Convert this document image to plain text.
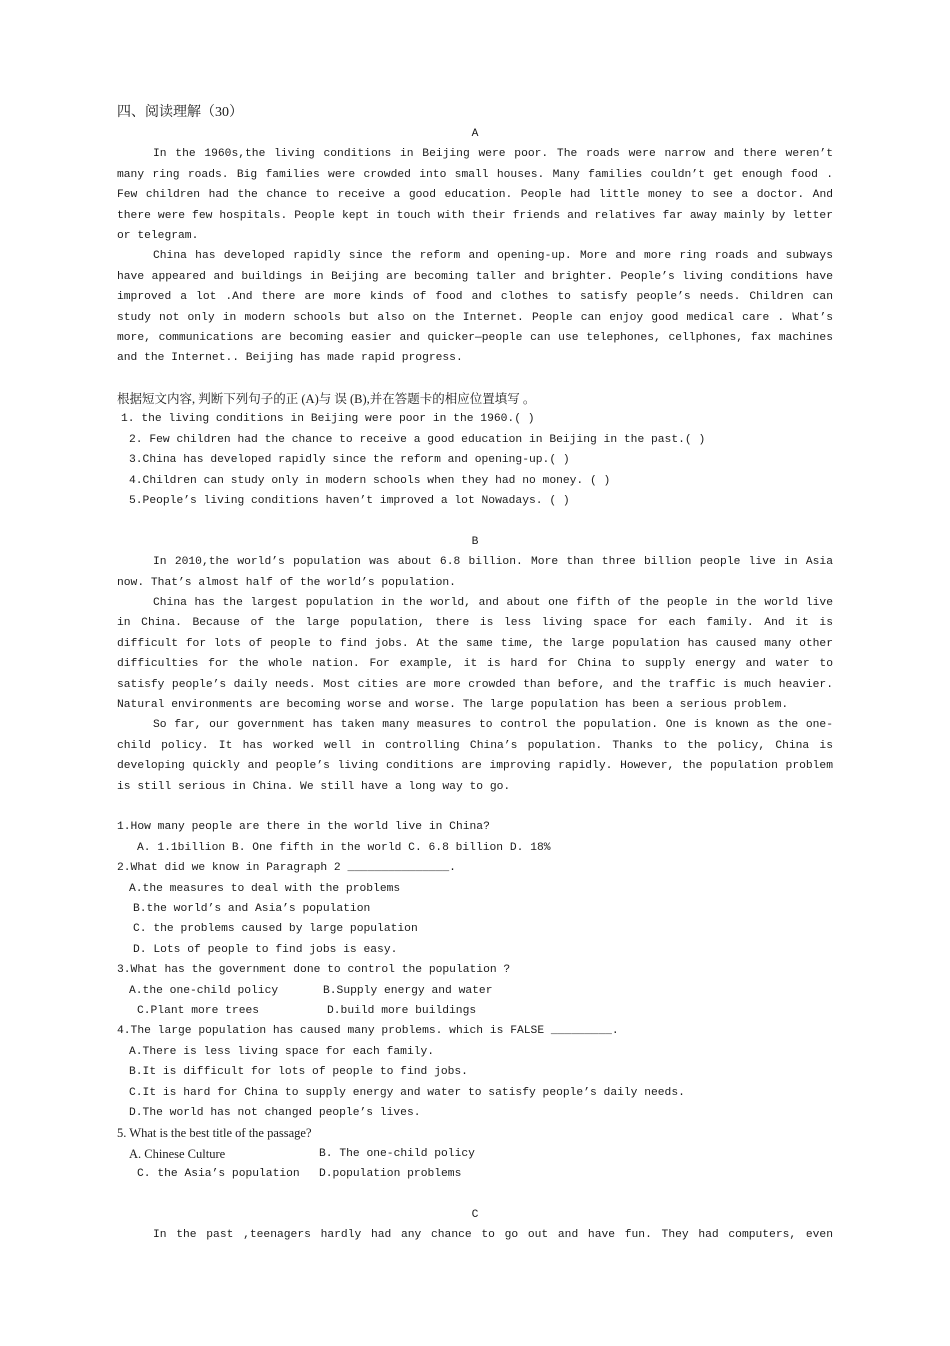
四、阅读理解（30）
A

In the 1960s,the living conditions in Beijing were poor. The roads were narrow and there weren’t many ring roads. Big families were crowded into small houses. Many families couldn’t get enough food . Few children had the chance to receive a good education. People had little money to see a doctor. And there were few hospitals. People kept in touch with their friends and relatives far away mainly by letter or telegram.

China has developed rapidly since the reform and opening-up. More and more ring roads and subways have appeared and buildings in Beijing are becoming taller and brighter. People’s living conditions have improved a lot .And there are more kinds of food and clothes to satisfy people’s needs. Children can study not only in modern schools but also on the Internet. People can enjoy good medical care . What’s more, communications are becoming easier and quicker—people can use telephones, cellphones, fax machines and the Internet.. Beijing has made rapid progress.

根据短文内容, 判断下列句子的正 (A)与 误 (B),并在答题卡的相应位置填写 。
1. the living conditions in Beijing were poor in the 1960.( )
2. Few children had the chance to receive a good education in Beijing in the past.( )
3.China has developed rapidly since the reform and opening-up.( )
4.Children can study only in modern schools when they had no money. ( )
5.People’s living conditions haven’t improved a lot Nowadays. ( )
B

In 2010,the world’s population was about 6.8 billion. More than three billion people live in Asia now. That’s almost half of the world’s population.

China has the largest population in the world, and about one fifth of the people in the world live in China. Because of the large population, there is less living space for each family. And it is difficult for lots of people to find jobs. At the same time, the large population has caused many other difficulties for the whole nation. For example, it is hard for China to supply energy and water to satisfy people’s daily needs. Most cities are more crowded than before, and the traffic is much heavier. Natural environments are becoming worse and worse. The large population has been a serious problem.

So far, our government has taken many measures to control the population. One is known as the one-child policy. It has worked well in controlling China’s population. Thanks to the policy, China is developing quickly and people’s living conditions are improving rapidly. However, the population problem is still serious in China. We still have a long way to go.

1.How many people are there in the world live in China?
A. 1.1billion B. One fifth in the world C. 6.8 billion D. 18%
2.What did we know in Paragraph 2 _______________.
A.the measures to deal with the problems
B.the world’s and Asia’s population
C. the problems caused by large population
D. Lots of people to find jobs is easy.
3.What has the government done to control the population ?
A.the one-child policy	B.Supply energy and water
C.Plant more trees	D.build more buildings
4.The large population has caused many problems. which is FALSE _________.
A.There is less living space for each family.
B.It is difficult for lots of people to find jobs.
C.It is hard for China to supply energy and water to satisfy people’s daily needs.
D.The world has not changed people’s lives.
5. What is the best title of the passage?
A. Chinese Culture	B. The one-child policy
C. the Asia’s population	D.population problems
C

In the past ,teenagers hardly had any chance to go out and have fun. They had computers, even
